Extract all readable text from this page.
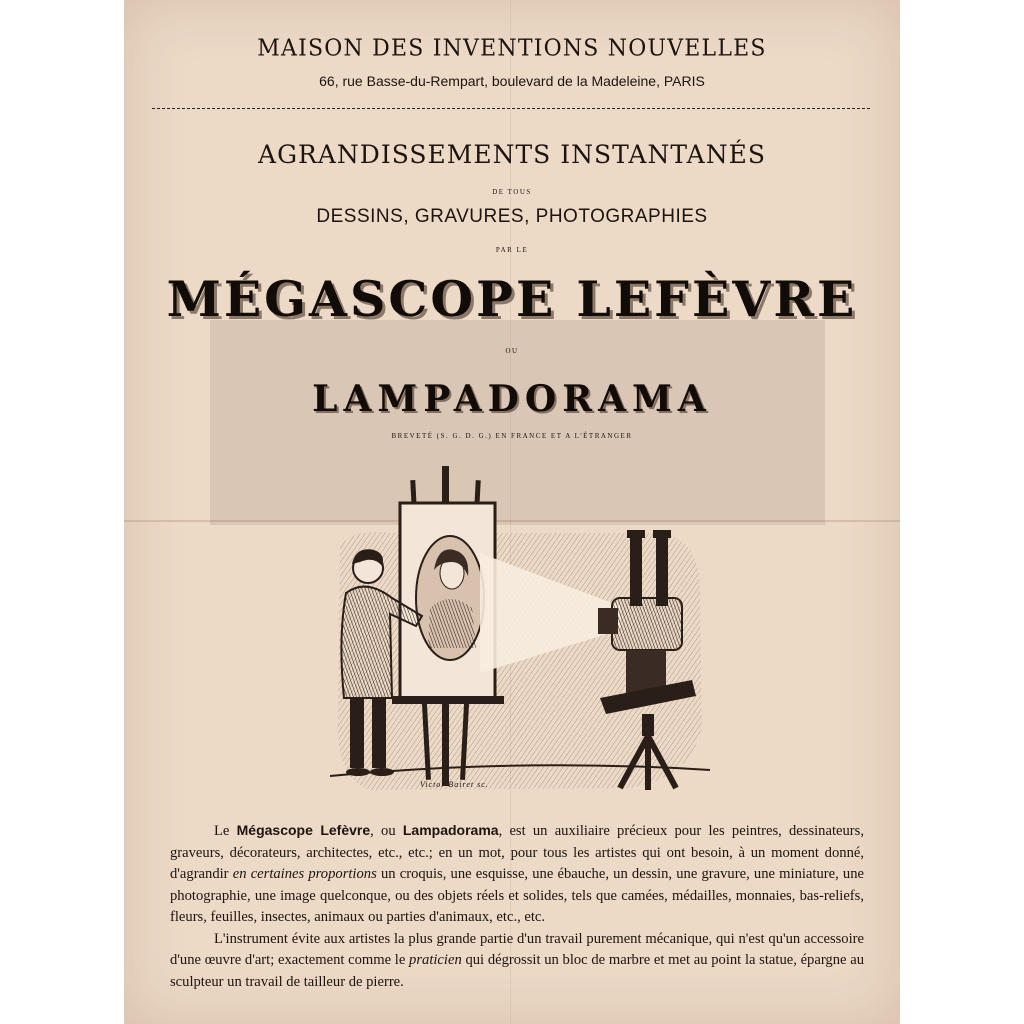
MAISON DES INVENTIONS NOUVELLES
66, rue Basse-du-Rempart, boulevard de la Madeleine, PARIS
AGRANDISSEMENTS INSTANTANÉS
DE TOUS
DESSINS, GRAVURES, PHOTOGRAPHIES
PAR LE
MÉGASCOPE LEFÈVRE
OU
LAMPADORAMA
BREVETÉ (S. G. D. G.) EN FRANCE ET A L'ÉTRANGER
Victor Bairet sc.

Le Mégascope Lefèvre, ou Lampadorama, est un auxiliaire précieux pour les peintres, dessinateurs, graveurs, décorateurs, architectes, etc., etc.; en un mot, pour tous les artistes qui ont besoin, à un moment donné, d'agrandir en certaines proportions un croquis, une esquisse, une ébauche, un dessin, une gravure, une miniature, une photographie, une image quelconque, ou des objets réels et solides, tels que camées, médailles, monnaies, bas-reliefs, fleurs, feuilles, insectes, animaux ou parties d'animaux, etc., etc.

L'instrument évite aux artistes la plus grande partie d'un travail purement mécanique, qui n'est qu'un accessoire d'une œuvre d'art; exactement comme le praticien qui dégrossit un bloc de marbre et met au point la statue, épargne au sculpteur un travail de tailleur de pierre.
